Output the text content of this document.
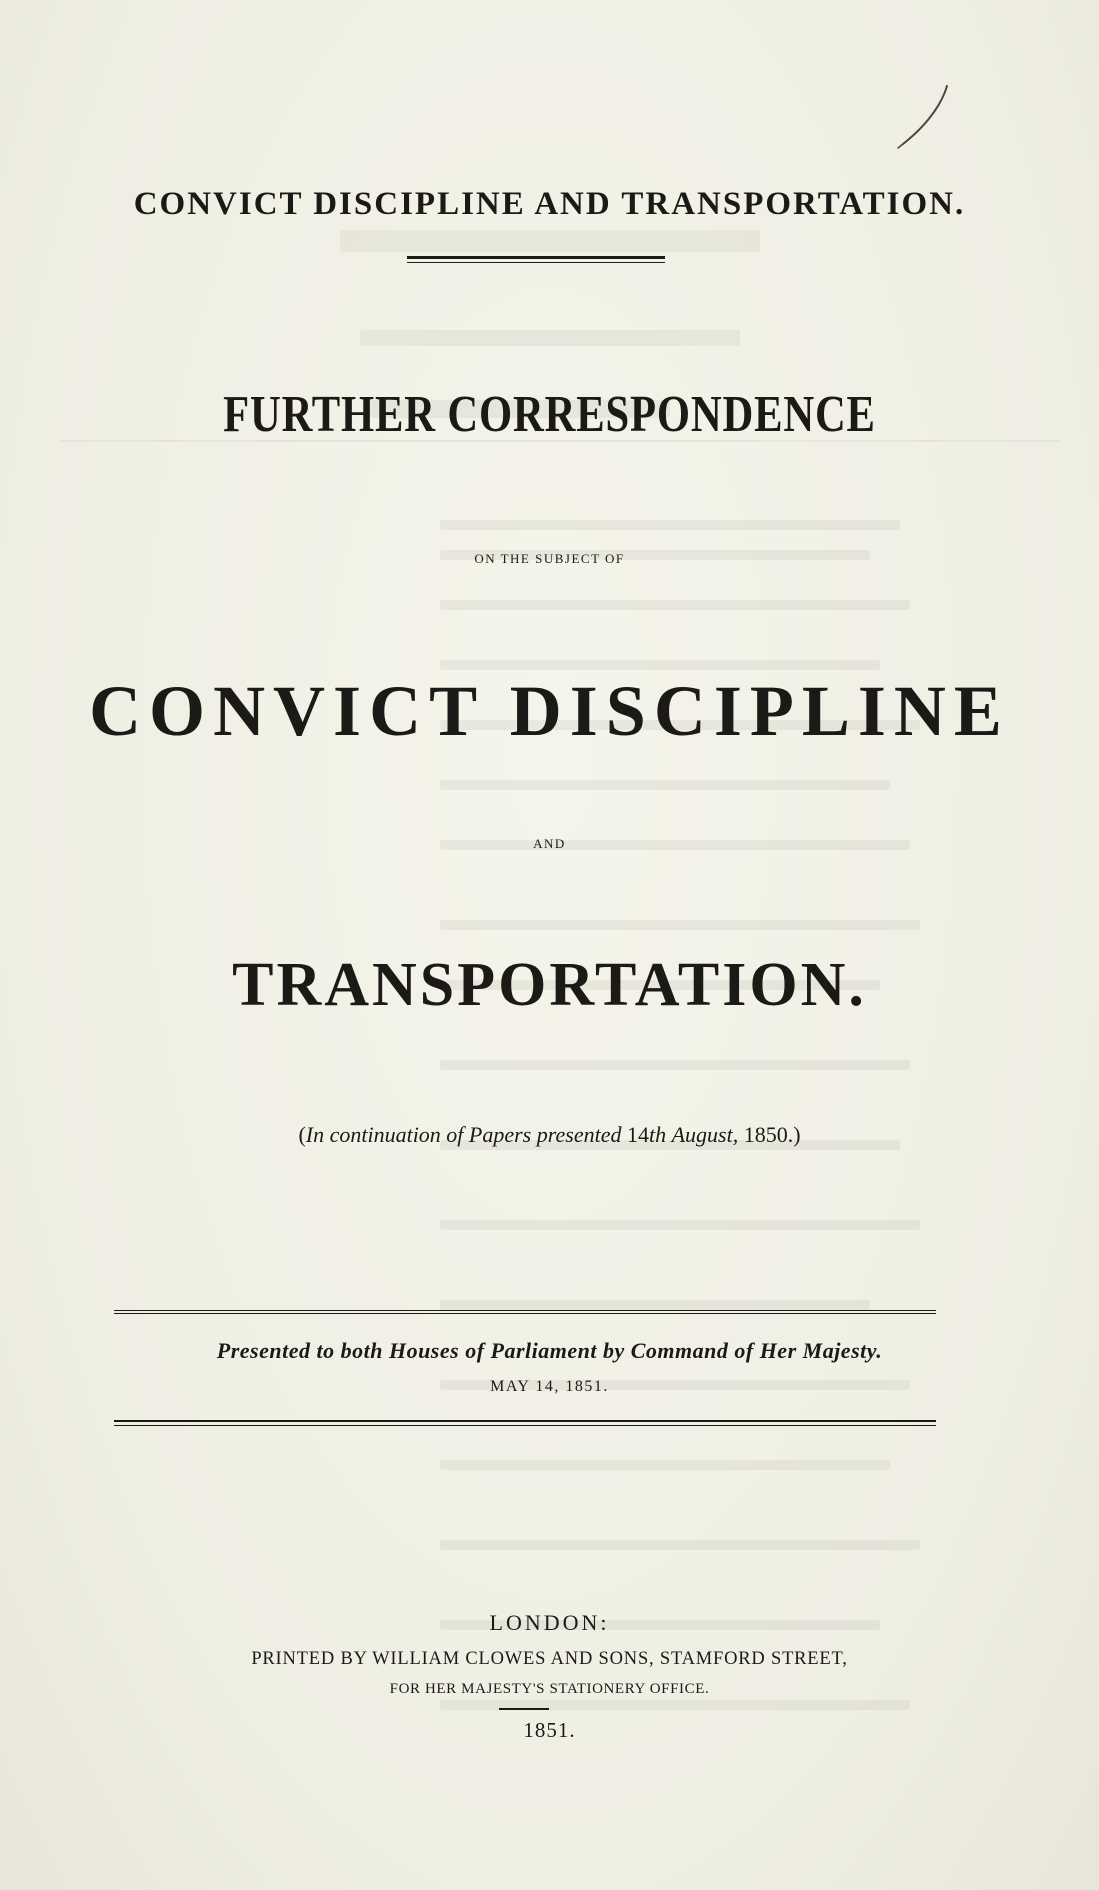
CONVICT DISCIPLINE AND TRANSPORTATION.
FURTHER CORRESPONDENCE
ON THE SUBJECT OF
CONVICT DISCIPLINE
AND
TRANSPORTATION.
(In continuation of Papers presented 14th August, 1850.)
Presented to both Houses of Parliament by Command of Her Majesty.
MAY 14, 1851.
LONDON:
PRINTED BY WILLIAM CLOWES AND SONS, STAMFORD STREET,
FOR HER MAJESTY'S STATIONERY OFFICE.
1851.
